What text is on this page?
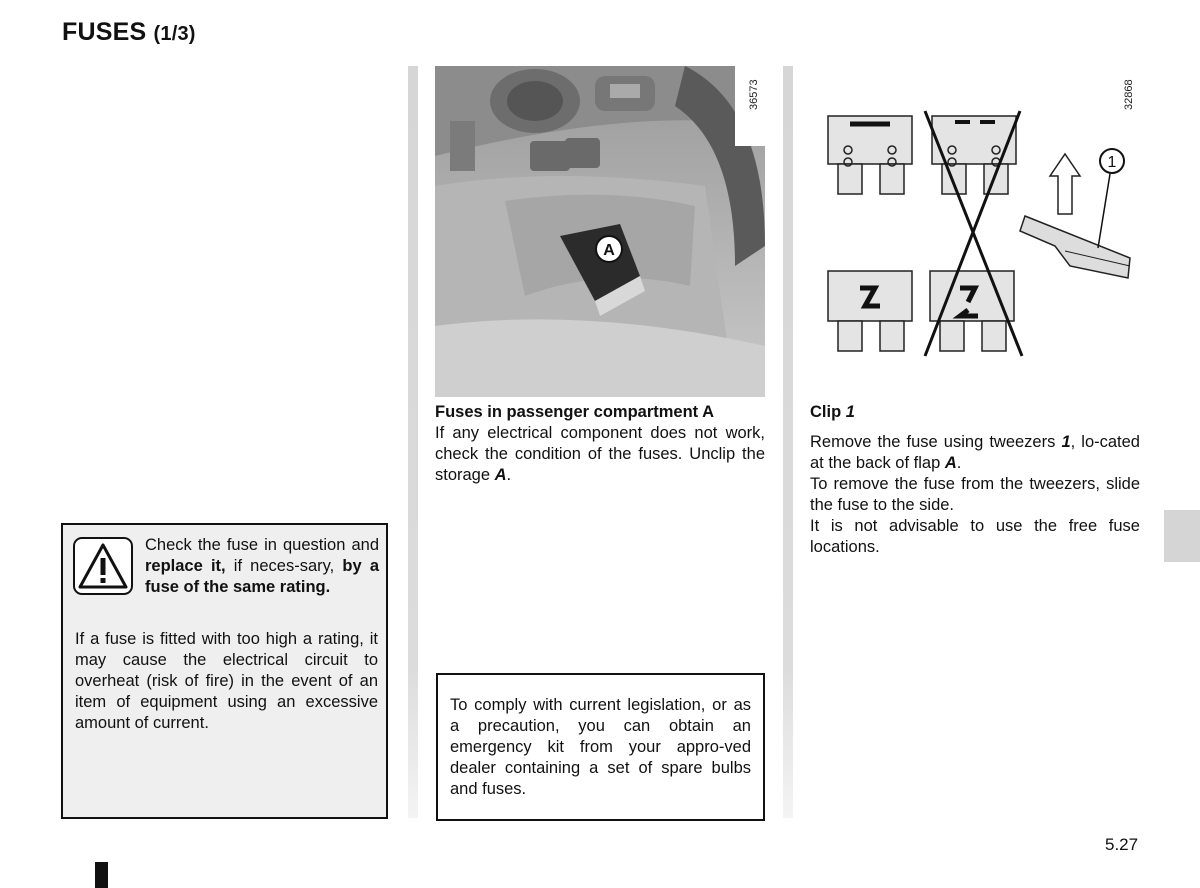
FUSES (1/3)
A
36573
1
32868

Fuses in passenger compartment A

If any electrical component does not work, check the condition of the fuses. Unclip the storage A.

Clip 1

Remove the fuse using tweezers 1, lo-cated at the back of flap A.

To remove the fuse from the tweezers, slide the fuse to the side.

It is not advisable to use the free fuse locations.

Check the fuse in question and replace it, if neces-sary, by a fuse of the same rating.
If a fuse is fitted with too high a rating, it may cause the electrical circuit to overheat (risk of fire) in the event of an item of equipment using an excessive amount of current.

To comply with current legislation, or as a precaution, you can obtain an emergency kit from your appro-ved dealer containing a set of spare bulbs and fuses.

5.27
